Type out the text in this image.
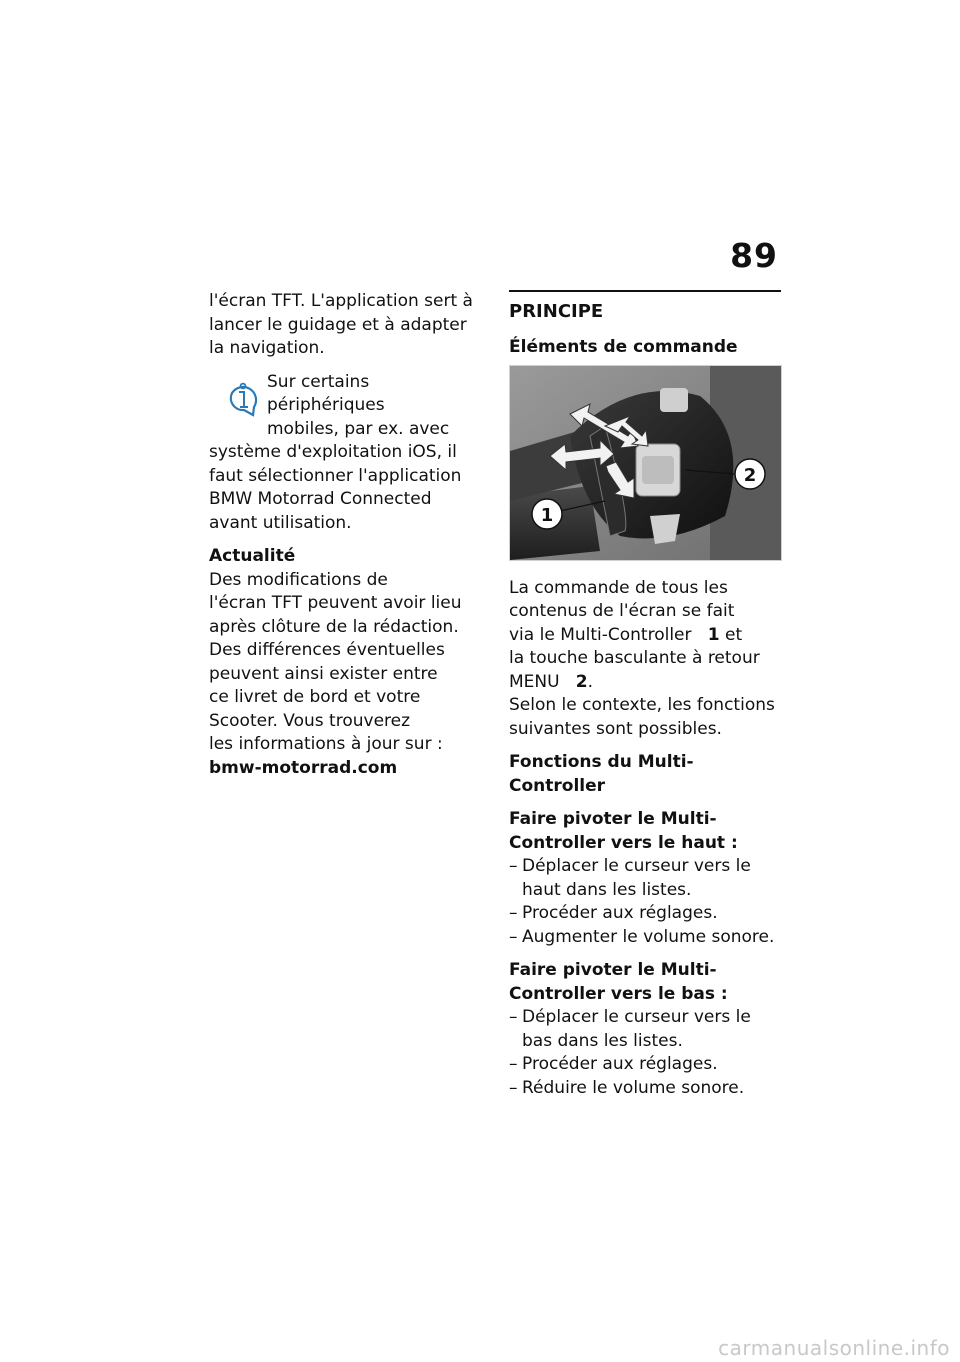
89

l'écran TFT. L'application sert à

lancer le guidage et à adapter

la navigation.

Sur certains périphériques

mobiles, par ex. avec

système d'exploitation iOS, il

faut sélectionner l'application

BMW Motorrad Connected

avant utilisation.

Actualité

Des modifications de

l'écran TFT peuvent avoir lieu

après clôture de la rédaction.

Des différences éventuelles

peuvent ainsi exister entre

ce livret de bord et votre

Scooter. Vous trouverez

les informations à jour sur :

bmw-motorrad.com

PRINCIPE
Éléments de commande
1
2

La commande de tous les

contenus de l'écran se fait

via le Multi-Controller 1 et

la touche basculante à retour

MENU 2.

Selon le contexte, les fonctions

suivantes sont possibles.

Fonctions du Multi-Controller

Faire pivoter le Multi-

Controller vers le haut :

– Déplacer le curseur vers le

haut dans les listes.

– Procéder aux réglages.

– Augmenter le volume sonore.

Faire pivoter le Multi-

Controller vers le bas :

– Déplacer le curseur vers le

bas dans les listes.

– Procéder aux réglages.

– Réduire le volume sonore.

carmanualsonline.info
